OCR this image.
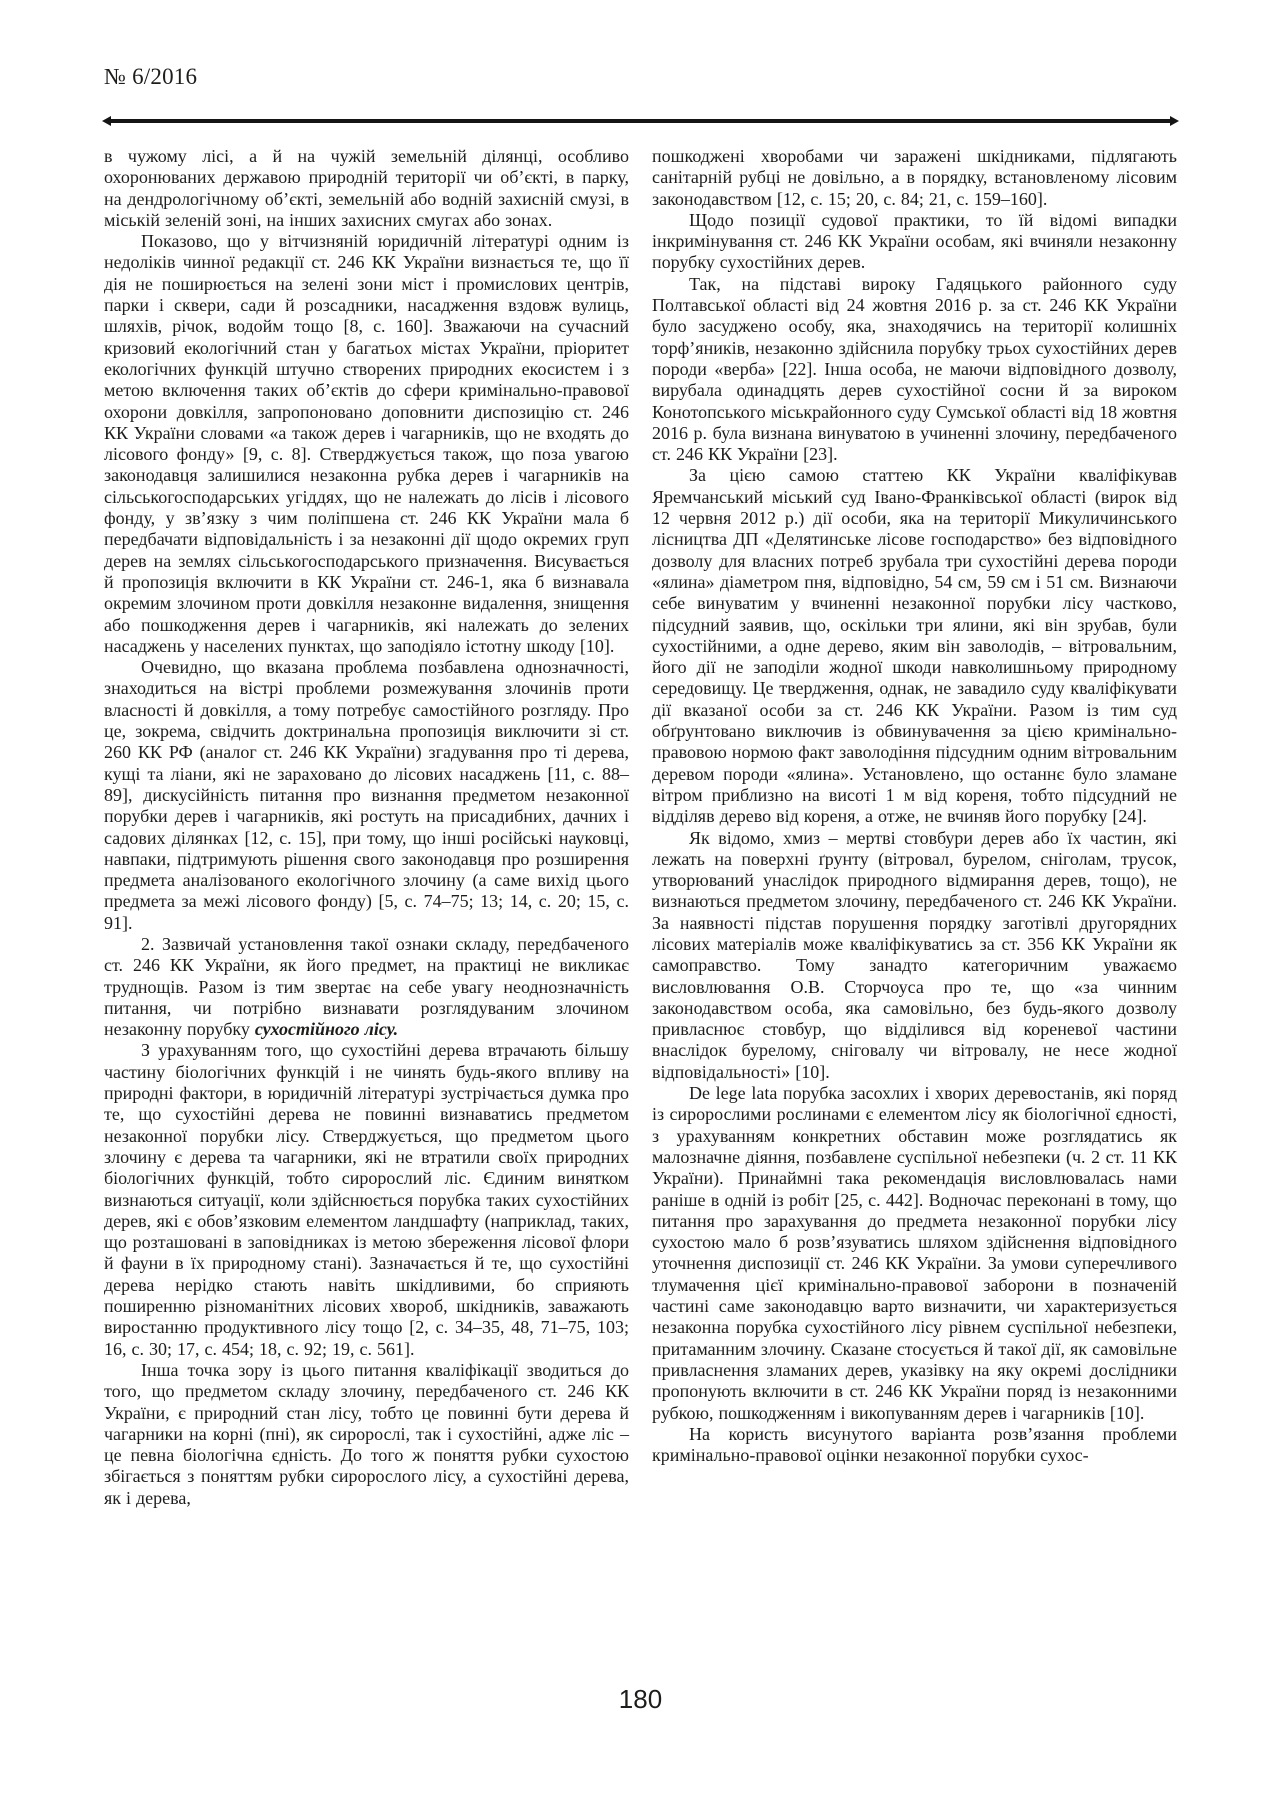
№ 6/2016

в чужому лісі, а й на чужій земельній ділянці, особливо охоронюваних державою природній території чи об’єкті, в парку, на дендрологічному об’єкті, земельній або водній захисній смузі, в міській зеленій зоні, на інших захисних смугах або зонах.

Показово, що у вітчизняній юридичній літературі одним із недоліків чинної редакції ст. 246 КК України визнається те, що її дія не поширюється на зелені зони міст і промислових центрів, парки і сквери, сади й розсадники, насадження вздовж вулиць, шляхів, річок, водойм тощо [8, с. 160]. Зважаючи на сучасний кризовий екологічний стан у багатьох містах України, пріоритет екологічних функцій штучно створених природних екосистем і з метою включення таких об’єктів до сфери кримінально-правової охорони довкілля, запропоновано доповнити диспозицію ст. 246 КК України словами «а також дерев і чагарників, що не входять до лісового фонду» [9, с. 8]. Стверджується також, що поза увагою законодавця залишилися незаконна рубка дерев і чагарників на сільськогосподарських угіддях, що не належать до лісів і лісового фонду, у зв’язку з чим поліпшена ст. 246 КК України мала б передбачати відповідальність і за незаконні дії щодо окремих груп дерев на землях сільськогосподарського призначення. Висувається й пропозиція включити в КК України ст. 246-1, яка б визнавала окремим злочином проти довкілля незаконне видалення, знищення або пошкодження дерев і чагарників, які належать до зелених насаджень у населених пунктах, що заподіяло істотну шкоду [10].

Очевидно, що вказана проблема позбавлена однозначності, знаходиться на вістрі проблеми розмежування злочинів проти власності й довкілля, а тому потребує самостійного розгляду. Про це, зокрема, свідчить доктринальна пропозиція виключити зі ст. 260 КК РФ (аналог ст. 246 КК України) згадування про ті дерева, кущі та ліани, які не зараховано до лісових насаджень [11, с. 88–89], дискусійність питання про визнання предметом незаконної порубки дерев і чагарників, які ростуть на присадибних, дачних і садових ділянках [12, с. 15], при тому, що інші російські науковці, навпаки, підтримують рішення свого законодавця про розширення предмета аналізованого екологічного злочину (а саме вихід цього предмета за межі лісового фонду) [5, с. 74–75; 13; 14, с. 20; 15, с. 91].

2. Зазвичай установлення такої ознаки складу, передбаченого ст. 246 КК України, як його предмет, на практиці не викликає труднощів. Разом із тим звертає на себе увагу неоднозначність питання, чи потрібно визнавати розглядуваним злочином незаконну порубку сухостійного лісу.

З урахуванням того, що сухостійні дерева втрачають більшу частину біологічних функцій і не чинять будь-якого впливу на природні фактори, в юридичній літературі зустрічається думка про те, що сухостійні дерева не повинні визнаватись предметом незаконної порубки лісу. Стверджується, що предметом цього злочину є дерева та чагарники, які не втратили своїх природних біологічних функцій, тобто сиророслий ліс. Єдиним винятком визнаються ситуації, коли здійснюється порубка таких сухостійних дерев, які є обов’язковим елементом ландшафту (наприклад, таких, що розташовані в заповідниках із метою збереження лісової флори й фауни в їх природному стані). Зазначається й те, що сухостійні дерева нерідко стають навіть шкідливими, бо сприяють поширенню різноманітних лісових хвороб, шкідників, заважають виростанню продуктивного лісу тощо [2, с. 34–35, 48, 71–75, 103; 16, с. 30; 17, с. 454; 18, с. 92; 19, с. 561].

Інша точка зору із цього питання кваліфікації зводиться до того, що предметом складу злочину, передбаченого ст. 246 КК України, є природний стан лісу, тобто це повинні бути дерева й чагарники на корні (пні), як сиророслі, так і сухостійні, адже ліс – це певна біологічна єдність. До того ж поняття рубки сухостою збігається з поняттям рубки сиророслого лісу, а сухостійні дерева, як і дерева,

пошкоджені хворобами чи заражені шкідниками, підлягають санітарній рубці не довільно, а в порядку, встановленому лісовим законодавством [12, с. 15; 20, с. 84; 21, с. 159–160].

Щодо позиції судової практики, то їй відомі випадки інкримінування ст. 246 КК України особам, які вчиняли незаконну порубку сухостійних дерев.

Так, на підставі вироку Гадяцького районного суду Полтавської області від 24 жовтня 2016 р. за ст. 246 КК України було засуджено особу, яка, знаходячись на території колишніх торф’яників, незаконно здійснила порубку трьох сухостійних дерев породи «верба» [22]. Інша особа, не маючи відповідного дозволу, вирубала одинадцять дерев сухостійної сосни й за вироком Конотопського міськрайонного суду Сумської області від 18 жовтня 2016 р. була визнана винуватою в учиненні злочину, передбаченого ст. 246 КК України [23].

За цією самою статтею КК України кваліфікував Яремчанський міський суд Івано-Франківської області (вирок від 12 червня 2012 р.) дії особи, яка на території Микуличинського лісництва ДП «Делятинське лісове господарство» без відповідного дозволу для власних потреб зрубала три сухостійні дерева породи «ялина» діаметром пня, відповідно, 54 см, 59 см і 51 см. Визнаючи себе винуватим у вчиненні незаконної порубки лісу частково, підсудний заявив, що, оскільки три ялини, які він зрубав, були сухостійними, а одне дерево, яким він заволодів, – вітровальним, його дії не заподіли жодної шкоди навколишньому природному середовищу. Це твердження, однак, не завадило суду кваліфікувати дії вказаної особи за ст. 246 КК України. Разом із тим суд обґрунтовано виключив із обвинувачення за цією кримінально-правовою нормою факт заволодіння підсудним одним вітровальним деревом породи «ялина». Установлено, що останнє було зламане вітром приблизно на висоті 1 м від кореня, тобто підсудний не відділяв дерево від кореня, а отже, не вчиняв його порубку [24].

Як відомо, хмиз – мертві стовбури дерев або їх частин, які лежать на поверхні ґрунту (вітровал, бурелом, сніголам, трусок, утворюваний унаслідок природного відмирання дерев, тощо), не визнаються предметом злочину, передбаченого ст. 246 КК України. За наявності підстав порушення порядку заготівлі другорядних лісових матеріалів може кваліфікуватись за ст. 356 КК України як самоправство. Тому занадто категоричним уважаємо висловлювання О.В. Сторчоуса про те, що «за чинним законодавством особа, яка самовільно, без будь-якого дозволу привласнює стовбур, що відділився від кореневої частини внаслідок бурелому, сніговалу чи вітровалу, не несе жодної відповідальності» [10].

De lege lata порубка засохлих і хворих деревостанів, які поряд із сиророслими рослинами є елементом лісу як біологічної єдності, з урахуванням конкретних обставин може розглядатись як малозначне діяння, позбавлене суспільної небезпеки (ч. 2 ст. 11 КК України). Принаймні така рекомендація висловлювалась нами раніше в одній із робіт [25, с. 442]. Водночас переконані в тому, що питання про зарахування до предмета незаконної порубки лісу сухостою мало б розв’язуватись шляхом здійснення відповідного уточнення диспозиції ст. 246 КК України. За умови суперечливого тлумачення цієї кримінально-правової заборони в позначеній частині саме законодавцю варто визначити, чи характеризується незаконна порубка сухостійного лісу рівнем суспільної небезпеки, притаманним злочину. Сказане стосується й такої дії, як самовільне привласнення зламаних дерев, указівку на яку окремі дослідники пропонують включити в ст. 246 КК України поряд із незаконними рубкою, пошкодженням і викопуванням дерев і чагарників [10].

На користь висунутого варіанта розв’язання проблеми кримінально-правової оцінки незаконної порубки сухос-

180
